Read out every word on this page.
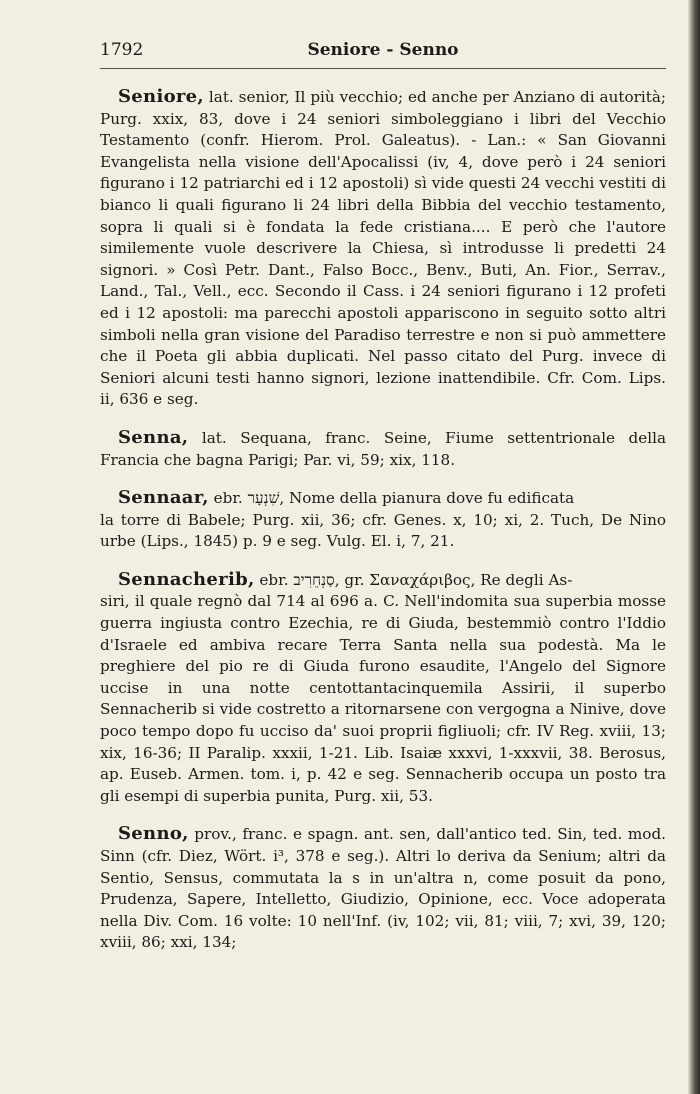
1792	Seniore - Senno

Seniore, lat. senior, Il più vecchio; ed anche per Anziano di autorità; Purg. xxix, 83, dove i 24 seniori simboleggiano i libri del Vecchio Testamento (confr. Hierom. Prol. Galeatus). - Lan.: « San Giovanni Evangelista nella visione dell'Apocalissi (iv, 4, dove però i 24 seniori figurano i 12 patriarchi ed i 12 apostoli) sì vide questi 24 vecchi vestiti di bianco li quali figurano li 24 libri della Bibbia del vecchio testamento, sopra li quali si è fondata la fede cristiana.... E però che l'autore similemente vuole descrivere la Chiesa, sì introdusse li predetti 24 signori. » Così Petr. Dant., Falso Bocc., Benv., Buti, An. Fior., Serrav., Land., Tal., Vell., ecc. Secondo il Cass. i 24 seniori figurano i 12 profeti ed i 12 apostoli: ma parecchi apostoli appariscono in seguito sotto altri simboli nella gran visione del Paradiso terrestre e non si può ammettere che il Poeta gli abbia duplicati. Nel passo citato del Purg. invece di Seniori alcuni testi hanno signori, lezione inattendibile. Cfr. Com. Lips. ii, 636 e seg.

Senna, lat. Sequana, franc. Seine, Fiume settentrionale della Francia che bagna Parigi; Par. vi, 59; xix, 118.

Sennaar, ebr. שִׁנְעָר, Nome della pianura dove fu edificata
la torre di Babele; Purg. xii, 36; cfr. Genes. x, 10; xi, 2. Tuch, De Nino urbe (Lips., 1845) p. 9 e seg. Vulg. El. i, 7, 21.

Sennacherib, ebr. סַנְחֵרִיב, gr. Σαναχάριβος, Re degli As-
siri, il quale regnò dal 714 al 696 a. C. Nell'indomita sua superbia mosse guerra ingiusta contro Ezechia, re di Giuda, bestemmiò contro l'Iddio d'Israele ed ambiva recare Terra Santa nella sua podestà. Ma le preghiere del pio re di Giuda furono esaudite, l'Angelo del Signore uccise in una notte centottantacinquemila Assirii, il superbo Sennacherib si vide costretto a ritornarsene con vergogna a Ninive, dove poco tempo dopo fu ucciso da' suoi proprii figliuoli; cfr. IV Reg. xviii, 13; xix, 16-36; II Paralip. xxxii, 1-21. Lib. Isaiæ xxxvi, 1-xxxvii, 38. Berosus, ap. Euseb. Armen. tom. i, p. 42 e seg. Sennacherib occupa un posto tra gli esempi di superbia punita, Purg. xii, 53.

Senno, prov., franc. e spagn. ant. sen, dall'antico ted. Sin, ted. mod. Sinn (cfr. Diez, Wört. i³, 378 e seg.). Altri lo deriva da Senium; altri da Sentio, Sensus, commutata la s in un'altra n, come posuit da pono, Prudenza, Sapere, Intelletto, Giudizio, Opinione, ecc. Voce adoperata nella Div. Com. 16 volte: 10 nell'Inf. (iv, 102; vii, 81; viii, 7; xvi, 39, 120; xviii, 86; xxi, 134;
